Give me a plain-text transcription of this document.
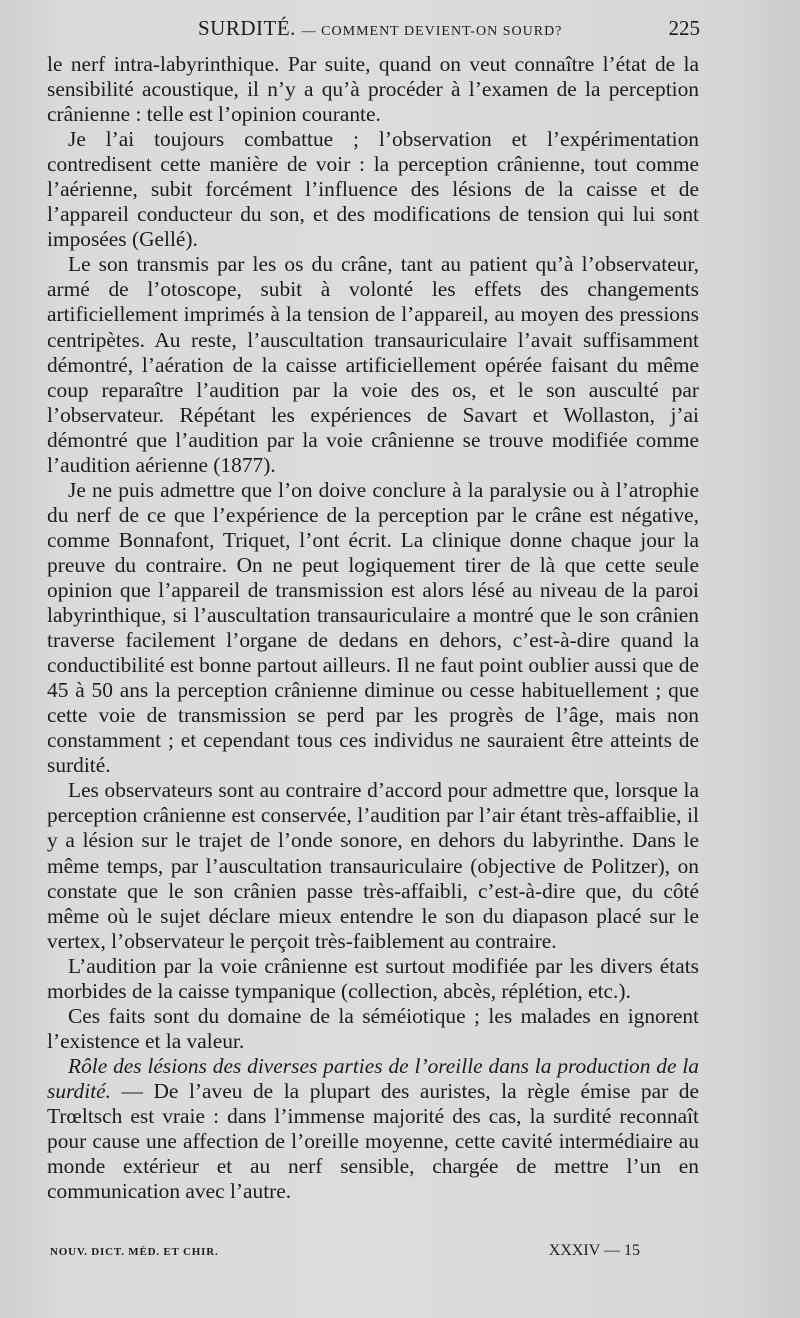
SURDITÉ. — COMMENT DEVIENT-ON SOURD?	225

le nerf intra-labyrinthique. Par suite, quand on veut connaître l’état de la sensibilité acoustique, il n’y a qu’à procéder à l’examen de la perception crânienne : telle est l’opinion courante.

Je l’ai toujours combattue ; l’observation et l’expérimentation contredisent cette manière de voir : la perception crânienne, tout comme l’aérienne, subit forcément l’influence des lésions de la caisse et de l’appareil conducteur du son, et des modifications de tension qui lui sont imposées (Gellé).

Le son transmis par les os du crâne, tant au patient qu’à l’observateur, armé de l’otoscope, subit à volonté les effets des changements artificiellement imprimés à la tension de l’appareil, au moyen des pressions centripètes. Au reste, l’auscultation transauriculaire l’avait suffisamment démontré, l’aération de la caisse artificiellement opérée faisant du même coup reparaître l’audition par la voie des os, et le son ausculté par l’observateur. Répétant les expériences de Savart et Wollaston, j’ai démontré que l’audition par la voie crânienne se trouve modifiée comme l’audition aérienne (1877).

Je ne puis admettre que l’on doive conclure à la paralysie ou à l’atrophie du nerf de ce que l’expérience de la perception par le crâne est négative, comme Bonnafont, Triquet, l’ont écrit. La clinique donne chaque jour la preuve du contraire. On ne peut logiquement tirer de là que cette seule opinion que l’appareil de transmission est alors lésé au niveau de la paroi labyrinthique, si l’auscultation transauriculaire a montré que le son crânien traverse facilement l’organe de dedans en dehors, c’est-à-dire quand la conductibilité est bonne partout ailleurs. Il ne faut point oublier aussi que de 45 à 50 ans la perception crânienne diminue ou cesse habituellement ; que cette voie de transmission se perd par les progrès de l’âge, mais non constamment ; et cependant tous ces individus ne sauraient être atteints de surdité.

Les observateurs sont au contraire d’accord pour admettre que, lorsque la perception crânienne est conservée, l’audition par l’air étant très-affaiblie, il y a lésion sur le trajet de l’onde sonore, en dehors du labyrinthe. Dans le même temps, par l’auscultation transauriculaire (objective de Politzer), on constate que le son crânien passe très-affaibli, c’est-à-dire que, du côté même où le sujet déclare mieux entendre le son du diapason placé sur le vertex, l’observateur le perçoit très-faiblement au contraire.

L’audition par la voie crânienne est surtout modifiée par les divers états morbides de la caisse tympanique (collection, abcès, réplétion, etc.).

Ces faits sont du domaine de la séméiotique ; les malades en ignorent l’existence et la valeur.

Rôle des lésions des diverses parties de l’oreille dans la production de la surdité. — De l’aveu de la plupart des auristes, la règle émise par de Trœltsch est vraie : dans l’immense majorité des cas, la surdité reconnaît pour cause une affection de l’oreille moyenne, cette cavité intermédiaire au monde extérieur et au nerf sensible, chargée de mettre l’un en communication avec l’autre.

NOUV. DICT. MÉD. ET CHIR.	XXXIV — 15
